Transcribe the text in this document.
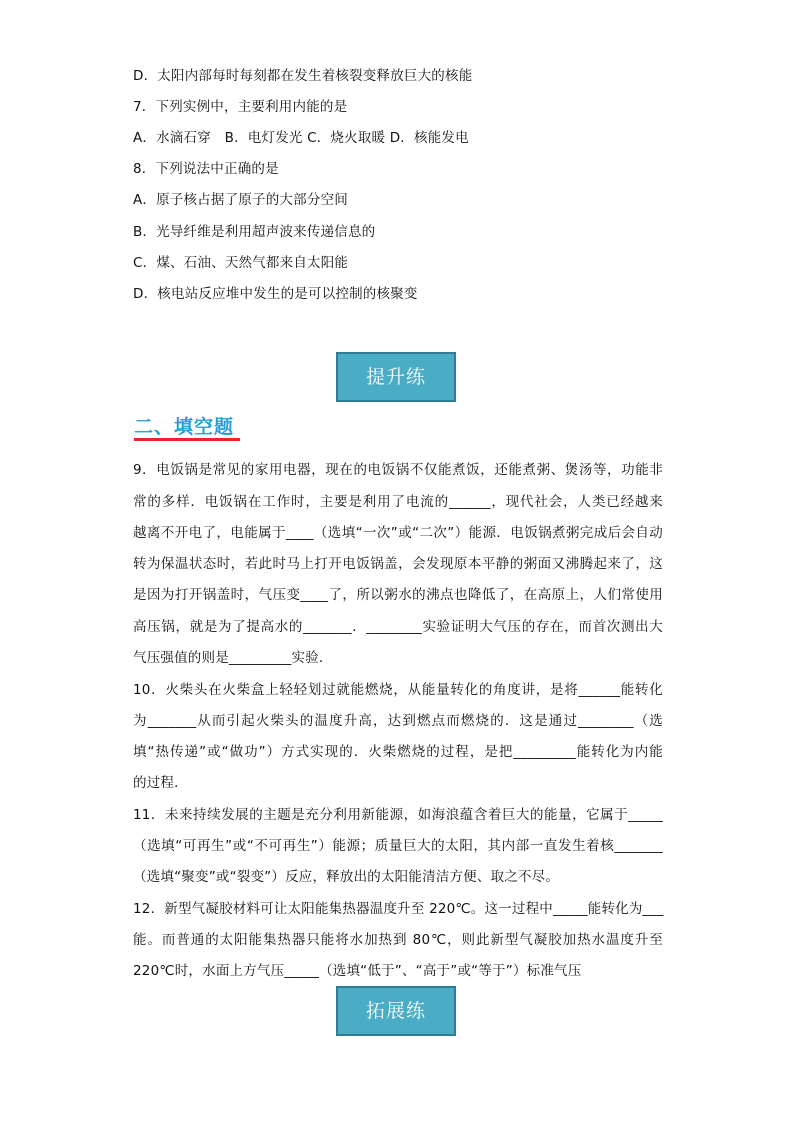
D．太阳内部每时每刻都在发生着核裂变释放巨大的核能
7．下列实例中，主要利用内能的是
A．水滴石穿　B．电灯发光 C．烧火取暖 D．核能发电
8．下列说法中正确的是
A．原子核占据了原子的大部分空间
B．光导纤维是利用超声波来传递信息的
C．煤、石油、天然气都来自太阳能
D．核电站反应堆中发生的是可以控制的核聚变
提升练
二、填空题
9．电饭锅是常见的家用电器，现在的电饭锅不仅能煮饭，还能煮粥、煲汤等，功能非
常的多样．电饭锅在工作时，主要是利用了电流的______，现代社会，人类已经越来
越离不开电了，电能属于____（选填“一次”或“二次”）能源．电饭锅煮粥完成后会自动
转为保温状态时，若此时马上打开电饭锅盖，会发现原本平静的粥面又沸腾起来了，这
是因为打开锅盖时，气压变____了，所以粥水的沸点也降低了，在高原上，人们常使用
高压锅，就是为了提高水的_______．________实验证明大气压的存在，而首次测出大
气压强值的则是_________实验．
10．火柴头在火柴盒上轻轻划过就能燃烧，从能量转化的角度讲，是将______能转化
为_______从而引起火柴头的温度升高，达到燃点而燃烧的．这是通过________（选
填“热传递”或“做功”）方式实现的．火柴燃烧的过程，是把_________能转化为内能
的过程．
11．未来持续发展的主题是充分利用新能源，如海浪蕴含着巨大的能量，它属于_____
（选填“可再生”或“不可再生”）能源；质量巨大的太阳，其内部一直发生着核_______
（选填“聚变”或“裂变”）反应，释放出的太阳能清洁方便、取之不尽。
12．新型气凝胶材料可让太阳能集热器温度升至 220℃。这一过程中_____能转化为___
能。而普通的太阳能集热器只能将水加热到 80℃，则此新型气凝胶加热水温度升至
220℃时，水面上方气压_____（选填“低于”、“高于”或“等于”）标准气压
拓展练
